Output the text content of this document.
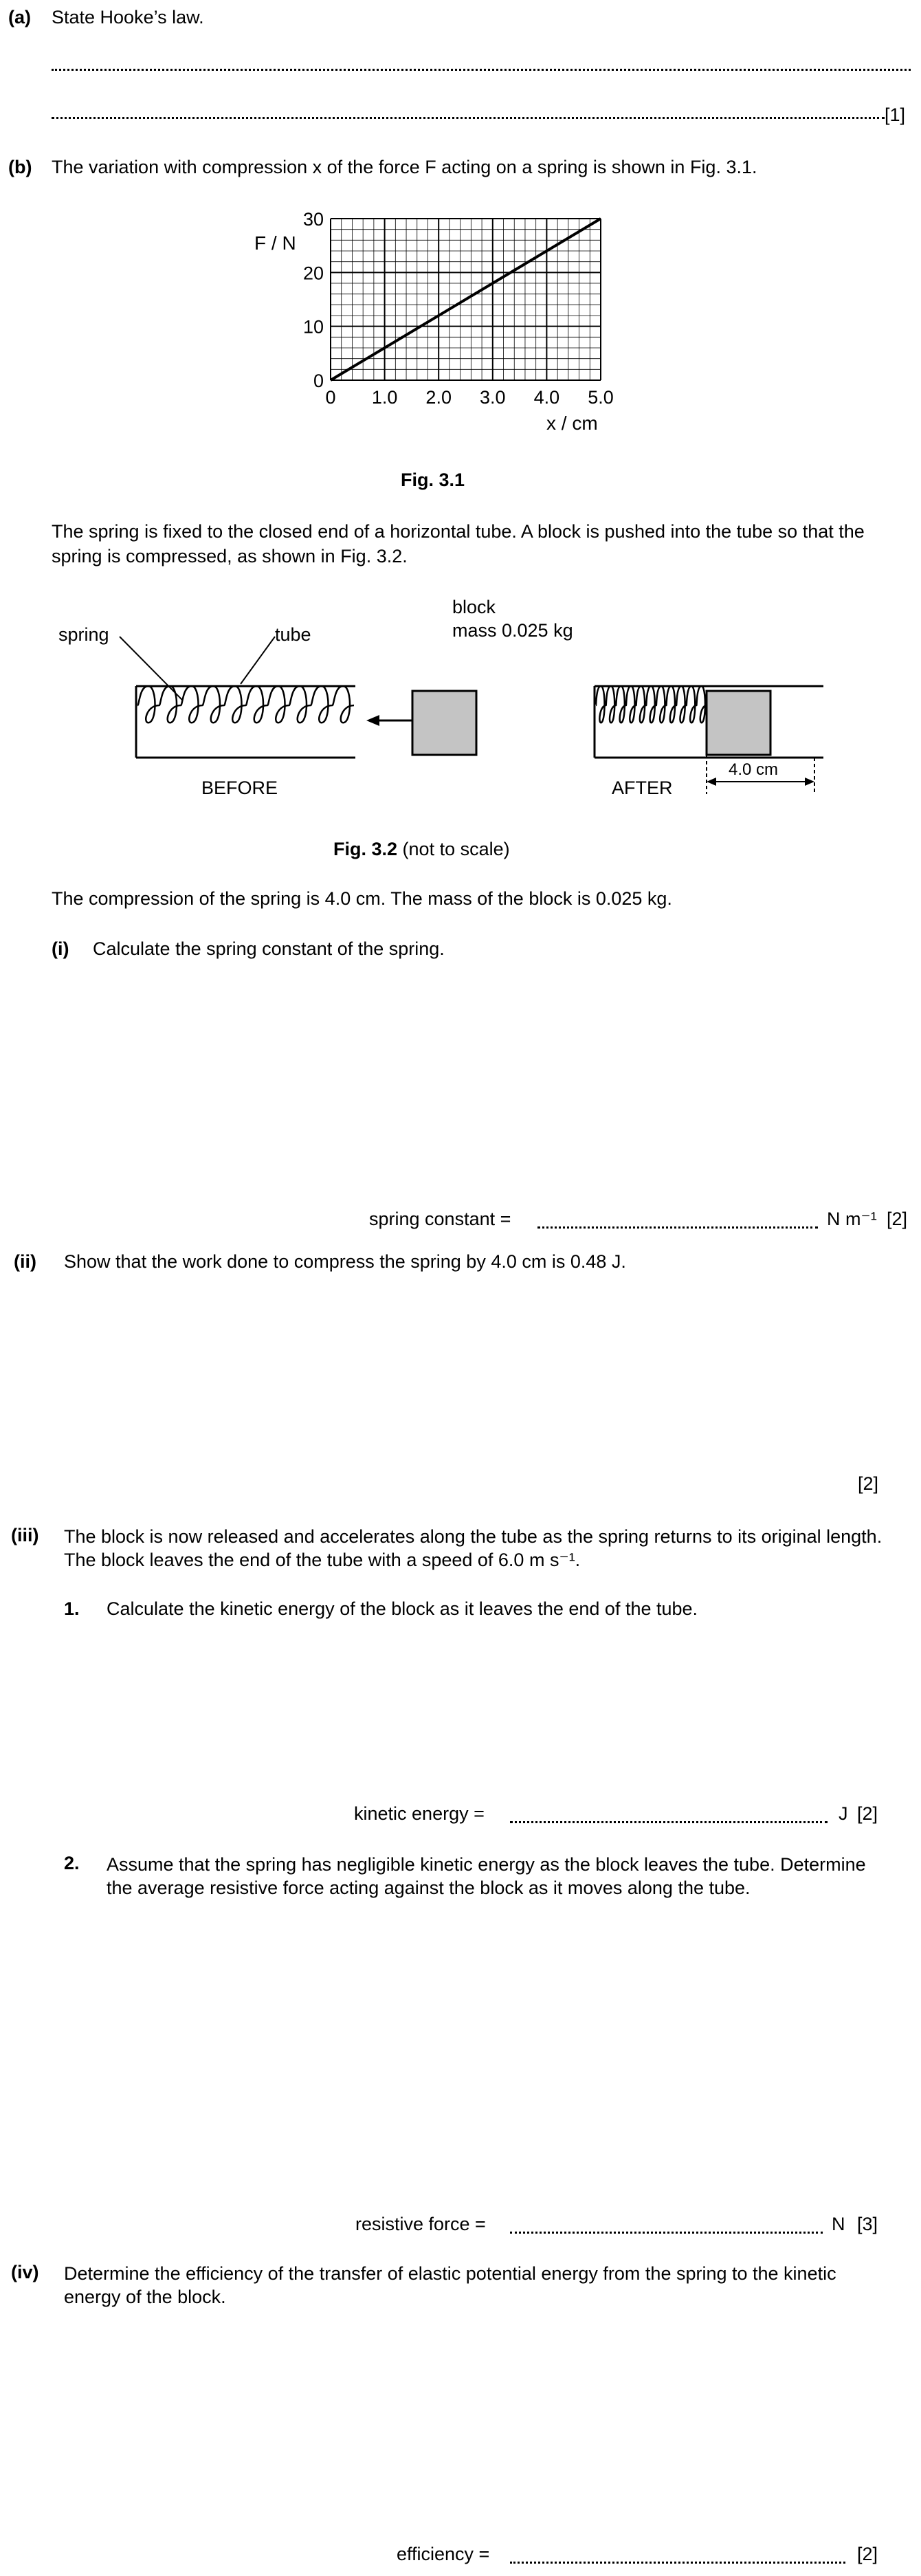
(a) State Hooke’s law.
[1]
(b) The variation with compression x of the force F acting on a spring is shown in Fig. 3.1.
0 1.0 2.0 3.0 4.0 5.0
0
10
20
30
F / N
x / cm
Fig. 3.1
The spring is fixed to the closed end of a horizontal tube. A block is pushed into the tube so that the spring is compressed, as shown in Fig. 3.2.
spring	tube
block
mass 0.025 kg
BEFORE
4.0 cm
AFTER
Fig. 3.2 (not to scale)
The compression of the spring is 4.0 cm. The mass of the block is 0.025 kg.
(i) Calculate the spring constant of the spring.
spring constant =	N m⁻¹ [2]
(ii) Show that the work done to compress the spring by 4.0 cm is 0.48 J.
[2]
(iii) The block is now released and accelerates along the tube as the spring returns to its original length. The block leaves the end of the tube with a speed of 6.0 m s⁻¹.
1. Calculate the kinetic energy of the block as it leaves the end of the tube.
kinetic energy =	J [2]
2. Assume that the spring has negligible kinetic energy as the block leaves the tube. Determine the average resistive force acting against the block as it moves along the tube.
resistive force =	N [3]
(iv) Determine the efficiency of the transfer of elastic potential energy from the spring to the kinetic energy of the block.
efficiency =	[2]
